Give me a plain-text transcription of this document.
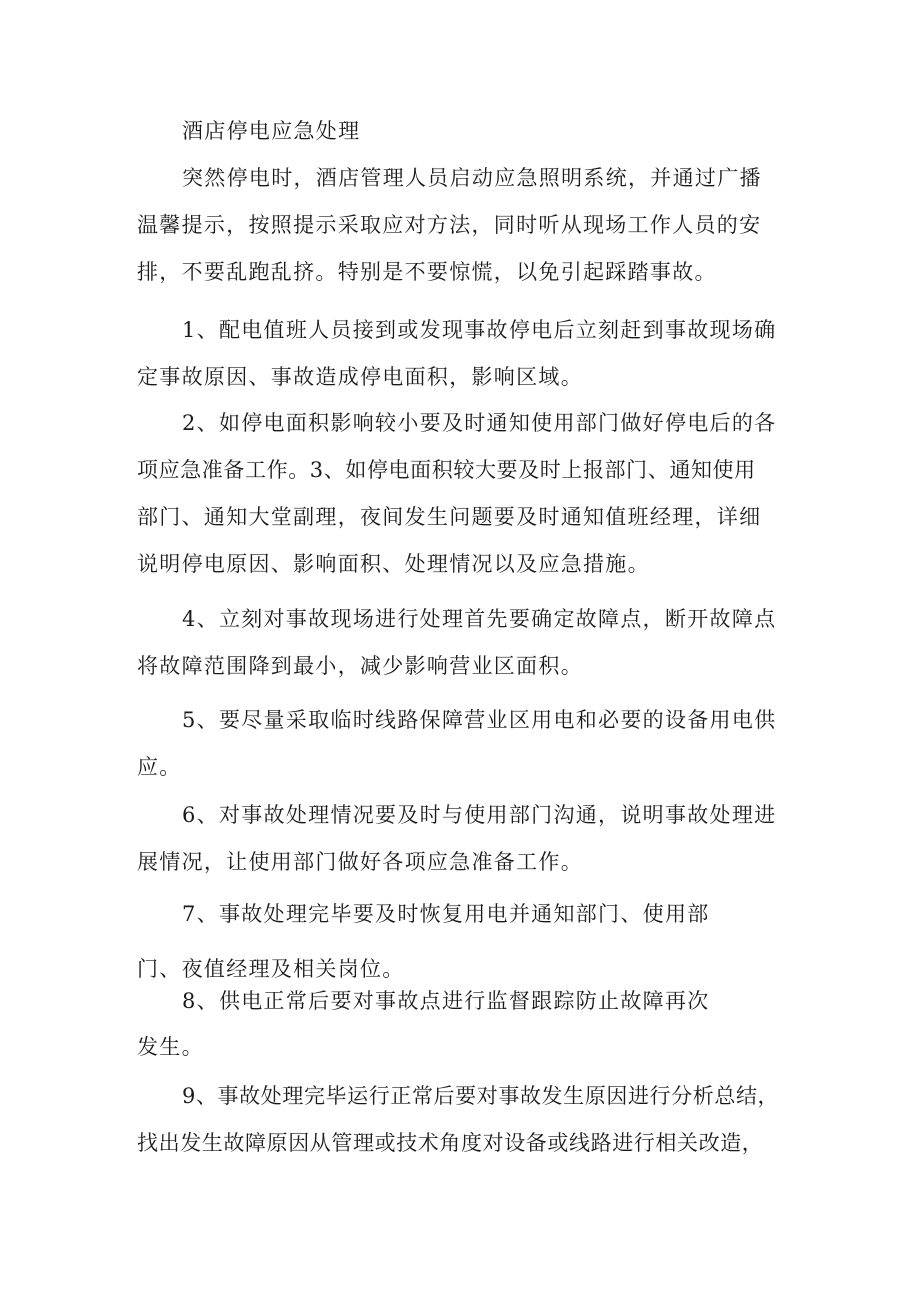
酒店停电应急处理
突然停电时，酒店管理人员启动应急照明系统，并通过广播
温馨提示，按照提示采取应对方法，同时听从现场工作人员的安
排，不要乱跑乱挤。特别是不要惊慌，以免引起踩踏事故。
1、配电值班人员接到或发现事故停电后立刻赶到事故现场确
定事故原因、事故造成停电面积，影响区域。
2、如停电面积影响较小要及时通知使用部门做好停电后的各
项应急准备工作。3、如停电面积较大要及时上报部门、通知使用
部门、通知大堂副理，夜间发生问题要及时通知值班经理，详细
说明停电原因、影响面积、处理情况以及应急措施。
4、立刻对事故现场进行处理首先要确定故障点，断开故障点
将故障范围降到最小，减少影响营业区面积。
5、要尽量采取临时线路保障营业区用电和必要的设备用电供
应。
6、对事故处理情况要及时与使用部门沟通，说明事故处理进
展情况，让使用部门做好各项应急准备工作。
7、事故处理完毕要及时恢复用电并通知部门、使用部
门、夜值经理及相关岗位。
8、供电正常后要对事故点进行监督跟踪防止故障再次
发生。
9、事故处理完毕运行正常后要对事故发生原因进行分析总结，
找出发生故障原因从管理或技术角度对设备或线路进行相关改造，
